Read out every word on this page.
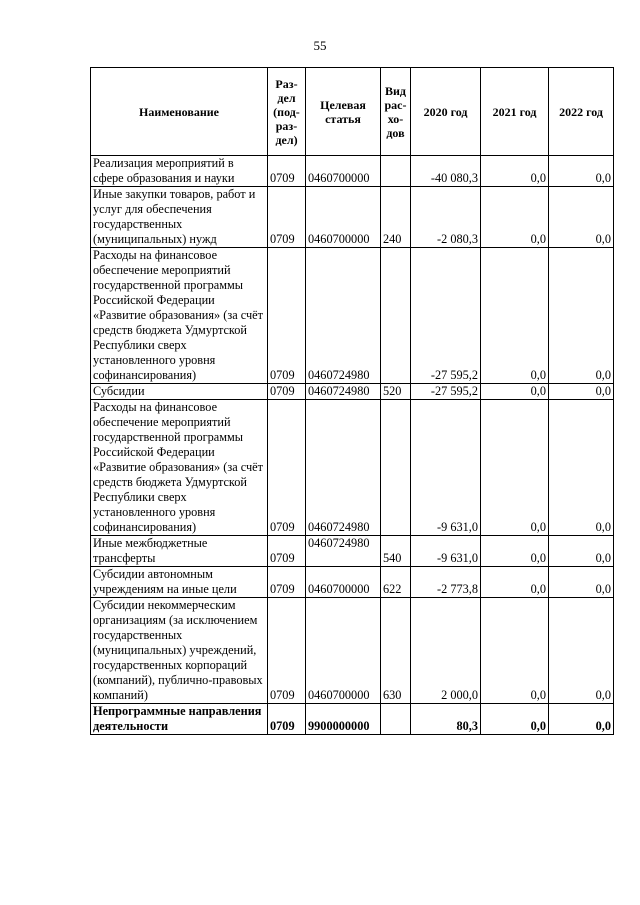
55
Наименование	Раз-
дел
(под-
раз-
дел)	Целевая
статья	Вид
рас-
хо-
дов	2020 год	2021 год	2022 год
Реализация мероприятий в сфере образования и науки	0709	0460700000		-40 080,3	0,0	0,0
Иные закупки товаров, работ и услуг для обеспечения государственных (муниципальных) нужд	0709	0460700000	240	-2 080,3	0,0	0,0
Расходы на финансовое обеспечение мероприятий государственной программы Российской Федерации «Развитие образования» (за счёт средств бюджета Удмуртской Республики сверх установленного уровня софинансирования)	0709	0460724980		-27 595,2	0,0	0,0
Субсидии	0709	0460724980	520	-27 595,2	0,0	0,0
Расходы на финансовое обеспечение мероприятий государственной программы Российской Федерации «Развитие образования» (за счёт средств бюджета Удмуртской Республики сверх установленного уровня софинансирования)	0709	0460724980		-9 631,0	0,0	0,0
Иные межбюджетные трансферты	0709	0460724980	540	-9 631,0	0,0	0,0
Субсидии автономным учреждениям на иные цели	0709	0460700000	622	-2 773,8	0,0	0,0
Субсидии некоммерческим организациям (за исключением государственных (муниципальных) учреждений, государственных корпораций (компаний), публично-правовых компаний)	0709	0460700000	630	2 000,0	0,0	0,0
Непрограммные направления деятельности	0709	9900000000		80,3	0,0	0,0
